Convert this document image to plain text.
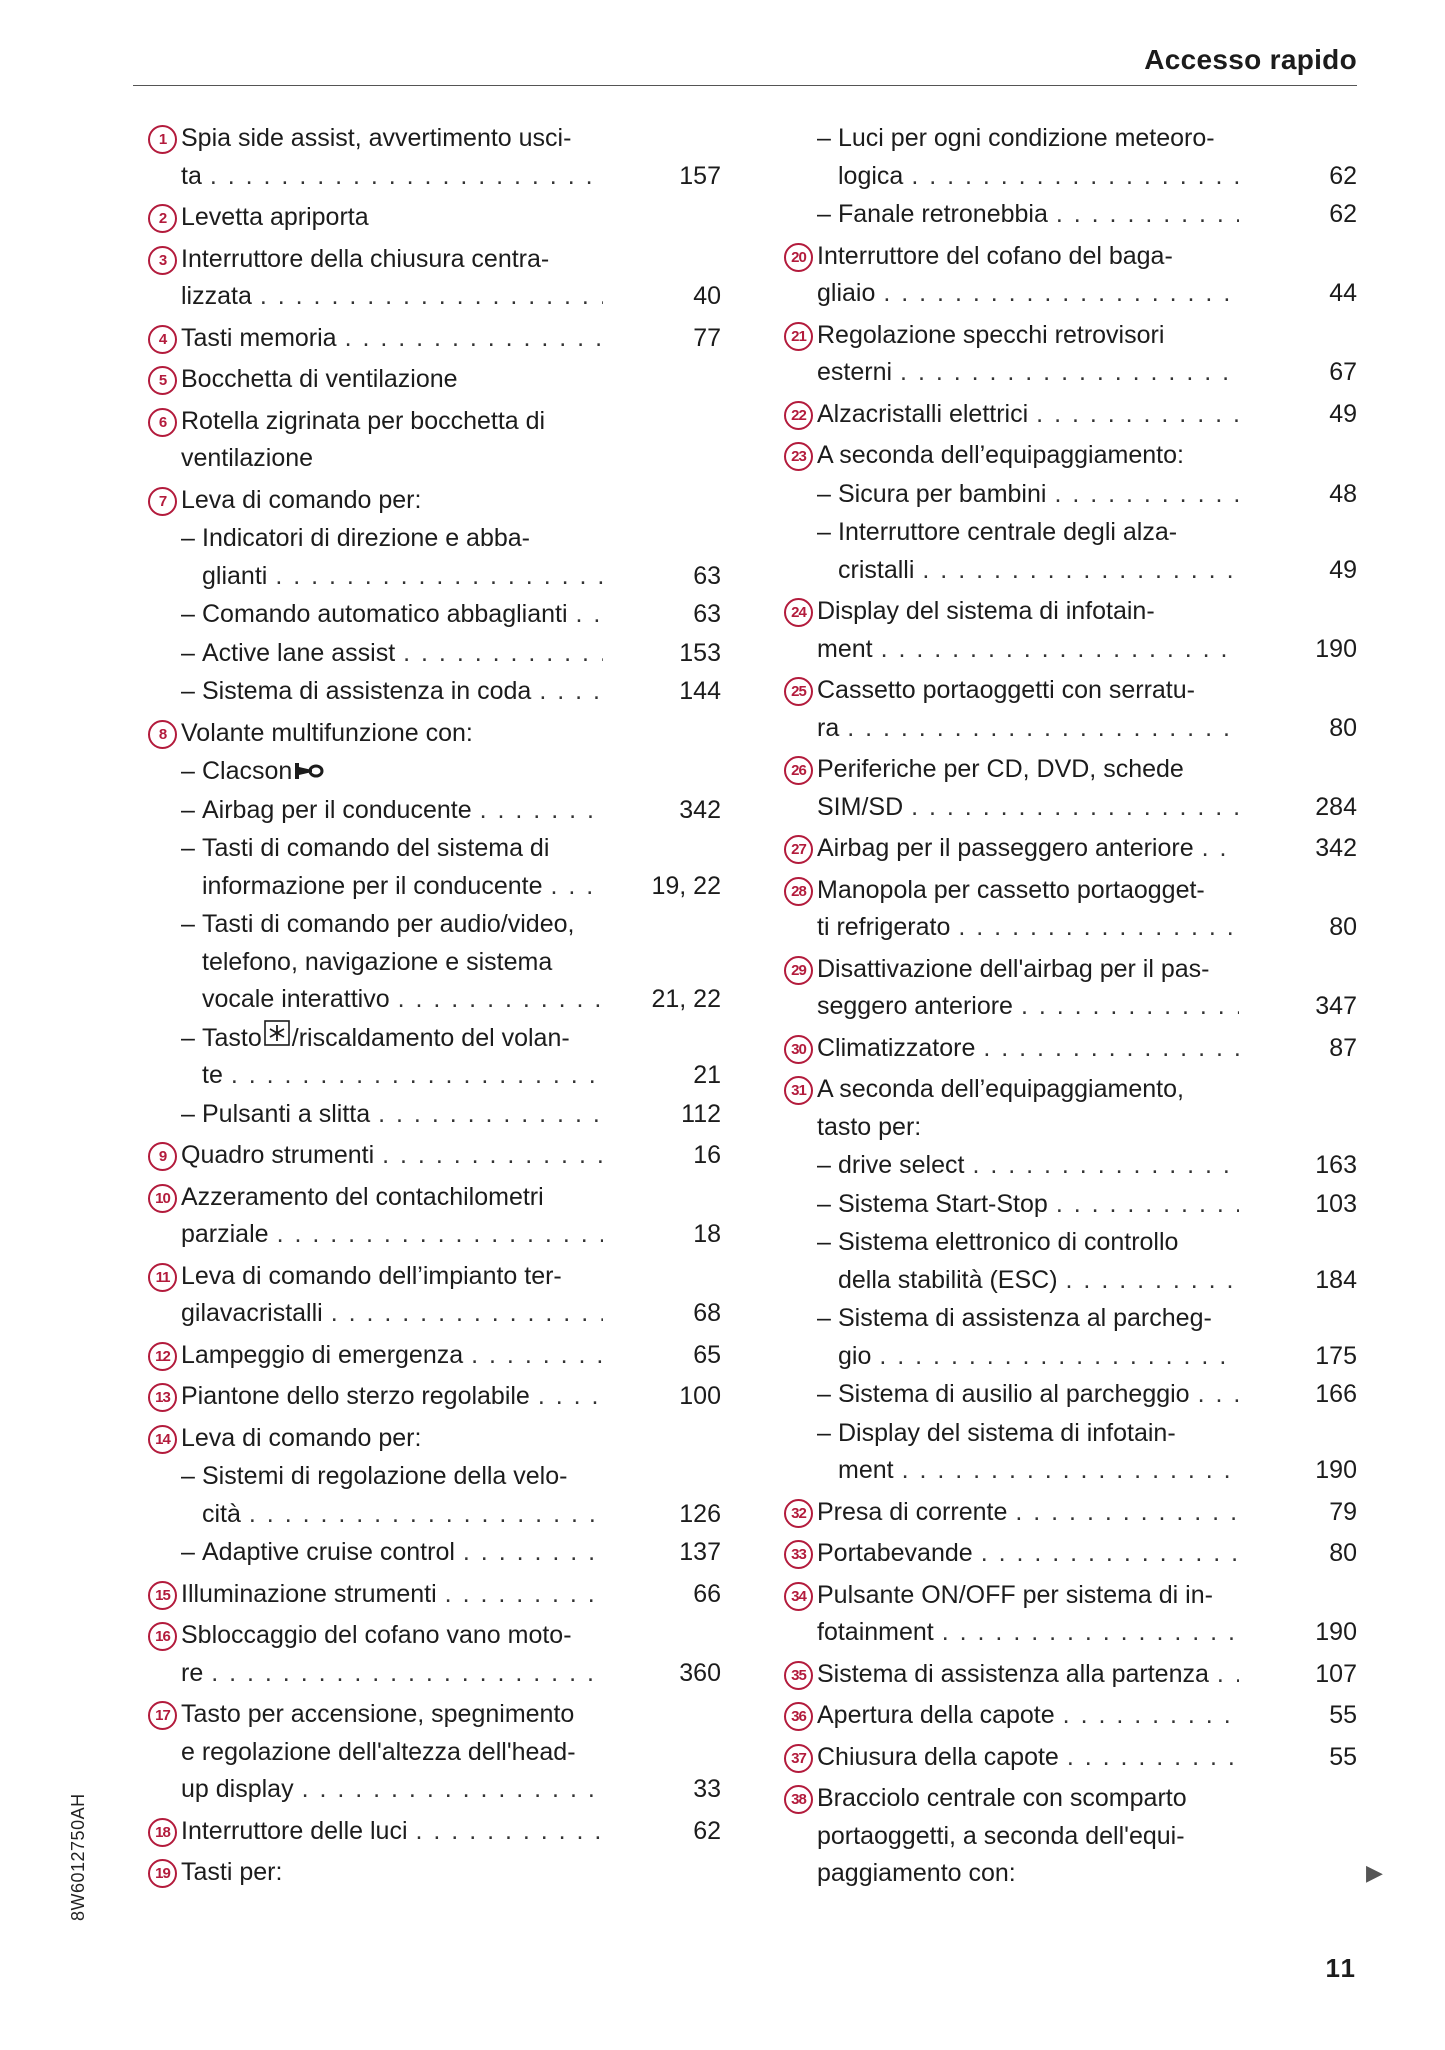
Accesso rapido
1 Spia side assist, avvertimento usci-
ta . . .	157
2 Levetta apriporta
3 Interruttore della chiusura centra-
lizzata . . .	40
4 Tasti memoria . . .	77
5 Bocchetta di ventilazione
6 Rotella zigrinata per bocchetta di
ventilazione
7 Leva di comando per:
– Indicatori di direzione e abba-
glianti . . .	63
– Comando automatico abbaglianti . . .	63
– Active lane assist . . .	153
– Sistema di assistenza in coda . . .	144
8 Volante multifunzione con:
– Clacson
– Airbag per il conducente . . .	342
– Tasti di comando del sistema di
informazione per il conducente . . .	19, 22
– Tasti di comando per audio/video,
telefono, navigazione e sistema
vocale interattivo . . .	21, 22
– Tasto /riscaldamento del volan-
te . . .	21
– Pulsanti a slitta . . .	112
9 Quadro strumenti . . .	16
10 Azzeramento del contachilometri
parziale . . .	18
11 Leva di comando dell’impianto ter-
gilavacristalli . . .	68
12 Lampeggio di emergenza . . .	65
13 Piantone dello sterzo regolabile . . .	100
14 Leva di comando per:
– Sistemi di regolazione della velo-
cità . . .	126
– Adaptive cruise control . . .	137
15 Illuminazione strumenti . . .	66
16 Sbloccaggio del cofano vano moto-
re . . .	360
17 Tasto per accensione, spegnimento
e regolazione dell'altezza dell'head-
up display . . .	33
18 Interruttore delle luci . . .	62
19 Tasti per:
– Luci per ogni condizione meteoro-
logica . . .	62
– Fanale retronebbia . . .	62
20 Interruttore del cofano del baga-
gliaio . . .	44
21 Regolazione specchi retrovisori
esterni . . .	67
22 Alzacristalli elettrici . . .	49
23 A seconda dell’equipaggiamento:
– Sicura per bambini . . .	48
– Interruttore centrale degli alza-
cristalli . . .	49
24 Display del sistema di infotain-
ment . . .	190
25 Cassetto portaoggetti con serratu-
ra . . .	80
26 Periferiche per CD, DVD, schede
SIM/SD . . .	284
27 Airbag per il passeggero anteriore . . .	342
28 Manopola per cassetto portaogget-
ti refrigerato . . .	80
29 Disattivazione dell'airbag per il pas-
seggero anteriore . . .	347
30 Climatizzatore . . .	87
31 A seconda dell’equipaggiamento,
tasto per:
– drive select . . .	163
– Sistema Start-Stop . . .	103
– Sistema elettronico di controllo
della stabilità (ESC) . . .	184
– Sistema di assistenza al parcheg-
gio . . .	175
– Sistema di ausilio al parcheggio . . .	166
– Display del sistema di infotain-
ment . . .	190
32 Presa di corrente . . .	79
33 Portabevande . . .	80
34 Pulsante ON/OFF per sistema di in-
fotainment . . .	190
35 Sistema di assistenza alla partenza . . .	107
36 Apertura della capote . . .	55
37 Chiusura della capote . . .	55
38 Bracciolo centrale con scomparto
portaoggetti, a seconda dell'equi-
paggiamento con:
8W6012750AH	▶
11
